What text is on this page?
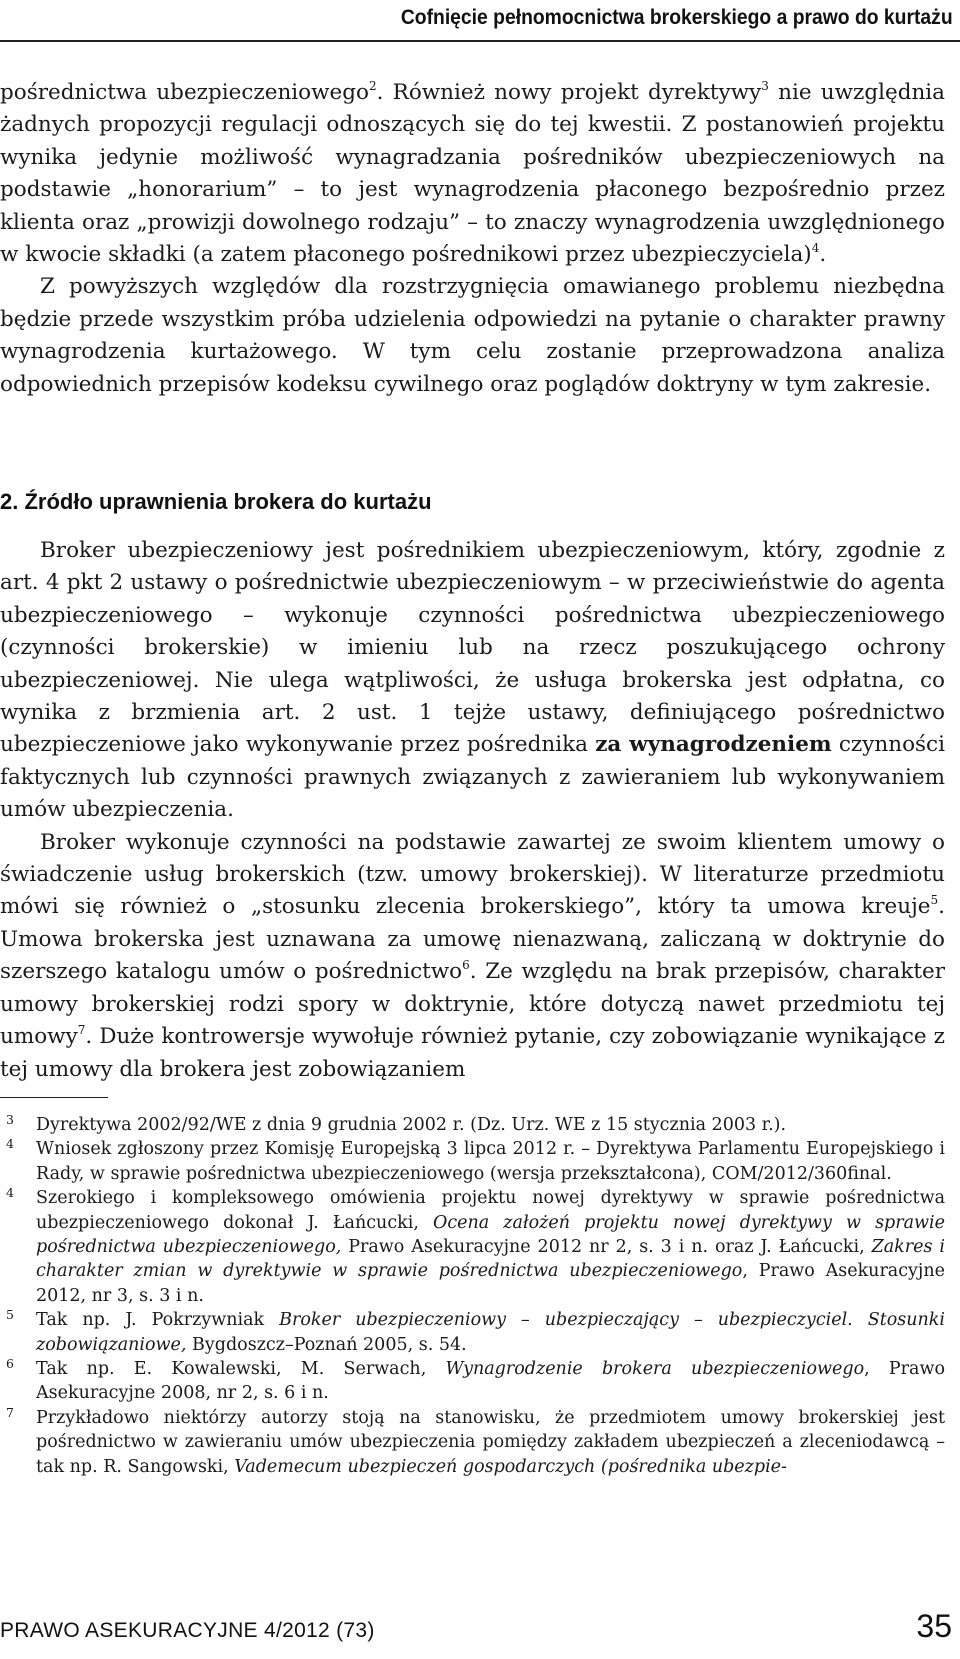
Cofnięcie pełnomocnictwa brokerskiego a prawo do kurtażu

pośrednictwa ubezpieczeniowego$^2$. Również nowy projekt dyrektywy$^3$ nie uwzględnia żadnych propozycji regulacji odnoszących się do tej kwestii. Z postanowień projektu wynika jedynie możliwość wynagradzania pośredników ubezpieczeniowych na podstawie „honorarium” – to jest wynagrodzenia płaconego bezpośrednio przez klienta oraz „prowizji dowolnego rodzaju” – to znaczy wynagrodzenia uwzględnionego w kwocie składki (a zatem płaconego pośrednikowi przez ubezpieczyciela)$^4$.

Z powyższych względów dla rozstrzygnięcia omawianego problemu niezbędna będzie przede wszystkim próba udzielenia odpowiedzi na pytanie o charakter prawny wynagrodzenia kurtażowego. W tym celu zostanie przeprowadzona analiza odpowiednich przepisów kodeksu cywilnego oraz poglądów doktryny w tym zakresie.

2. Źródło uprawnienia brokera do kurtażu

Broker ubezpieczeniowy jest pośrednikiem ubezpieczeniowym, który, zgodnie z art. 4 pkt 2 ustawy o pośrednictwie ubezpieczeniowym – w przeciwieństwie do agenta ubezpieczeniowego – wykonuje czynności pośrednictwa ubezpieczeniowego (czynności brokerskie) w imieniu lub na rzecz poszukującego ochrony ubezpieczeniowej. Nie ulega wątpliwości, że usługa brokerska jest odpłatna, co wynika z brzmienia art. 2 ust. 1 tejże ustawy, definiującego pośrednictwo ubezpieczeniowe jako wykonywanie przez pośrednika za wynagrodzeniem czynności faktycznych lub czynności prawnych związanych z zawieraniem lub wykonywaniem umów ubezpieczenia.

Broker wykonuje czynności na podstawie zawartej ze swoim klientem umowy o świadczenie usług brokerskich (tzw. umowy brokerskiej). W literaturze przedmiotu mówi się również o „stosunku zlecenia brokerskiego”, który ta umowa kreuje$^5$. Umowa brokerska jest uznawana za umowę nienazwaną, zaliczaną w doktrynie do szerszego katalogu umów o pośrednictwo$^6$. Ze względu na brak przepisów, charakter umowy brokerskiej rodzi spory w doktrynie, które dotyczą nawet przedmiotu tej umowy$^7$. Duże kontrowersje wywołuje również pytanie, czy zobowiązanie wynikające z tej umowy dla brokera jest zobowiązaniem

3 Dyrektywa 2002/92/WE z dnia 9 grudnia 2002 r. (Dz. Urz. WE z 15 stycznia 2003 r.).
4 Wniosek zgłoszony przez Komisję Europejską 3 lipca 2012 r. – Dyrektywa Parlamentu Europejskiego i Rady, w sprawie pośrednictwa ubezpieczeniowego (wersja przekształcona), COM/2012/360final.
4 Szerokiego i kompleksowego omówienia projektu nowej dyrektywy w sprawie pośrednictwa ubezpieczeniowego dokonał J. Łańcucki, Ocena założeń projektu nowej dyrektywy w sprawie pośrednictwa ubezpieczeniowego, Prawo Asekuracyjne 2012 nr 2, s. 3 i n. oraz J. Łańcucki, Zakres i charakter zmian w dyrektywie w sprawie pośrednictwa ubezpieczeniowego, Prawo Asekuracyjne 2012, nr 3, s. 3 i n.
5 Tak np. J. Pokrzywniak Broker ubezpieczeniowy – ubezpieczający – ubezpieczyciel. Stosunki zobowiązaniowe, Bygdoszcz–Poznań 2005, s. 54.
6 Tak np. E. Kowalewski, M. Serwach, Wynagrodzenie brokera ubezpieczeniowego, Prawo Asekuracyjne 2008, nr 2, s. 6 i n.
7 Przykładowo niektórzy autorzy stoją na stanowisku, że przedmiotem umowy brokerskiej jest pośrednictwo w zawieraniu umów ubezpieczenia pomiędzy zakładem ubezpieczeń a zleceniodawcą – tak np. R. Sangowski, Vademecum ubezpieczeń gospodarczych (pośrednika ubezpie-
PRAWO ASEKURACYJNE 4/2012 (73)	35
